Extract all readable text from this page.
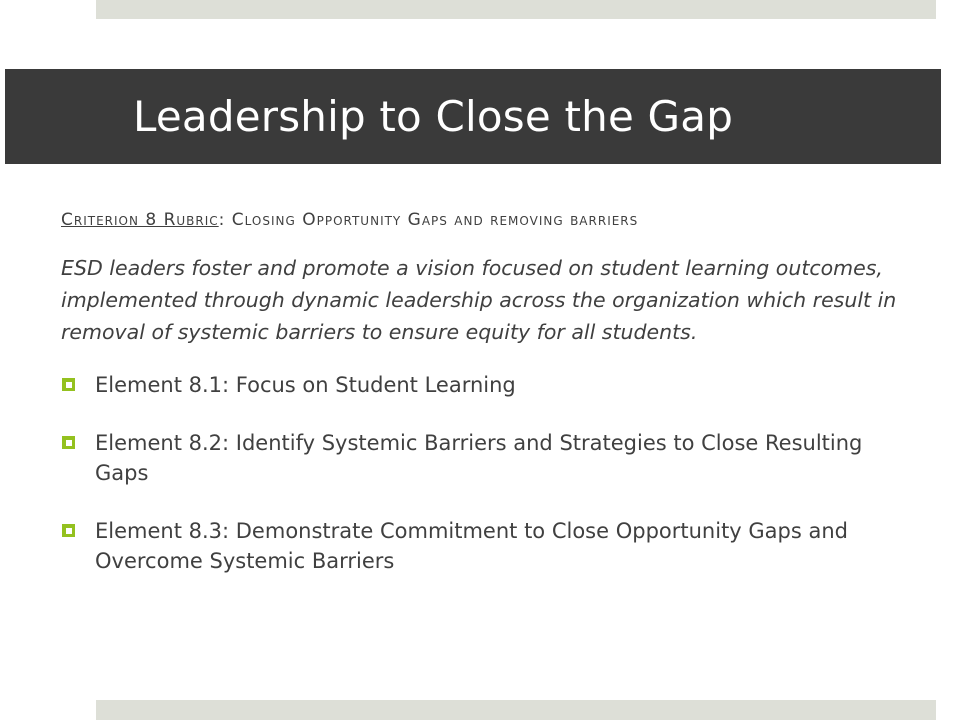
Leadership to Close the Gap
Criterion 8 Rubric: Closing Opportunity Gaps and removing barriers
ESD leaders foster and promote a vision focused on student learning outcomes, implemented through dynamic leadership across the organization which result in removal of systemic barriers to ensure equity for all students.
Element 8.1: Focus on Student Learning
Element 8.2: Identify Systemic Barriers and Strategies to Close Resulting Gaps
Element 8.3: Demonstrate Commitment to Close Opportunity Gaps and Overcome Systemic Barriers
